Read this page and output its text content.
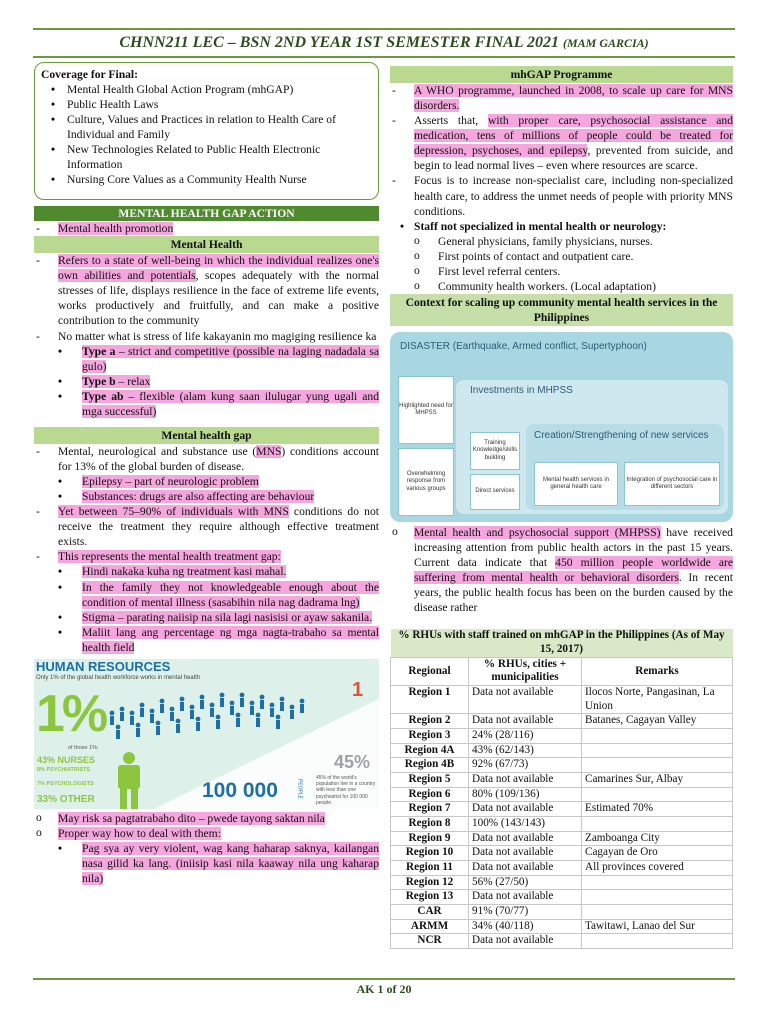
CHNN211 LEC – BSN 2ND YEAR 1ST SEMESTER FINAL 2021 (MAM GARCIA)
Coverage for Final:
• Mental Health Global Action Program (mhGAP)
• Public Health Laws
• Culture, Values and Practices in relation to Health Care of Individual and Family
• New Technologies Related to Public Health Electronic Information
• Nursing Core Values as a Community Health Nurse
MENTAL HEALTH GAP ACTION
- Mental health promotion
Mental Health
- Refers to a state of well-being in which the individual realizes one's own abilities and potentials, scopes adequately with the normal stresses of life, displays resilience in the face of extreme life events, works productively and fruitfully, and can make a positive contribution to the community
- No matter what is stress of life kakayanin mo magiging resilience ka
• Type a – strict and competitive (possible na laging nadadala sa gulo)
• Type b – relax
• Type ab – flexible (alam kung saan ilulugar yung ugali and mga successful)
Mental health gap
- Mental, neurological and substance use (MNS) conditions account for 13% of the global burden of disease.
• Epilepsy – part of neurologic problem
• Substances: drugs are also affecting are behaviour
- Yet between 75–90% of individuals with MNS conditions do not receive the treatment they require although effective treatment exists.
- This represents the mental health treatment gap:
• Hindi nakaka kuha ng treatment kasi mahal.
• In the family they not knowledgeable enough about the condition of mental illness (sasabihin nila nag dadrama lng)
• Stigma – parating naiisip na sila lagi nasisisi or ayaw sakanila.
• Maliit lang ang percentage ng mga nagta-trabaho sa mental health field
HUMAN RESOURCES
Only 1% of the global health workforce works in mental health
1%
of those 1%:
43% NURSES
8% PSYCHIATRISTS
7% PSYCHOLOGISTS
33% OTHER
1
100 000	PEOPLE
45%
45% of the world's population live in a country with less than one psychiatrist for 100 000 people
o May risk sa pagtatrabaho dito – pwede tayong saktan nila
o Proper way how to deal with them:
• Pag sya ay very violent, wag kang haharap saknya, kailangan nasa gilid ka lang. (iniisip kasi nila kaaway nila ung kaharap nila)
mhGAP Programme
- A WHO programme, launched in 2008, to scale up care for MNS disorders.
- Asserts that, with proper care, psychosocial assistance and medication, tens of millions of people could be treated for depression, psychoses, and epilepsy, prevented from suicide, and begin to lead normal lives – even where resources are scarce.
- Focus is to increase non-specialist care, including non-specialized health care, to address the unmet needs of people with priority MNS conditions.
• Staff not specialized in mental health or neurology:
o General physicians, family physicians, nurses.
o First points of contact and outpatient care.
o First level referral centers.
o Community health workers. (Local adaptation)
Context for scaling up community mental health services in the Philippines
DISASTER (Earthquake, Armed conflict, Supertyphoon)
Investments in MHPSS
Creation/Strengthening of new services
Highlighted need for MHPSS
Overwhelming response from various groups
Training Knowledge/skills building
Direct services
Mental health services in general health care
Integration of psychosocial care in different sectors
o Mental health and psychosocial support (MHPSS) have received increasing attention from public health actors in the past 15 years. Current data indicate that 450 million people worldwide are suffering from mental health or behavioral disorders. In recent years, the public health focus has been on the burden caused by the disease rather
% RHUs with staff trained on mhGAP in the Philippines (As of May 15, 2017)		
Regional	% RHUs, cities + municipalities	Remarks
Region 1	Data not available	Ilocos Norte, Pangasinan, La Union
Region 2	Data not available	Batanes, Cagayan Valley
Region 3	24% (28/116)	
Region 4A	43% (62/143)	
Region 4B	92% (67/73)	
Region 5	Data not available	Camarines Sur, Albay
Region 6	80% (109/136)	
Region 7	Data not available	Estimated 70%
Region 8	100% (143/143)	
Region 9	Data not available	Zamboanga City
Region 10	Data not available	Cagayan de Oro
Region 11	Data not available	All provinces covered
Region 12	56% (27/50)	
Region 13	Data not available	
CAR	91% (70/77)	
ARMM	34% (40/118)	Tawitawi, Lanao del Sur
NCR	Data not available	
AK 1 of 20
